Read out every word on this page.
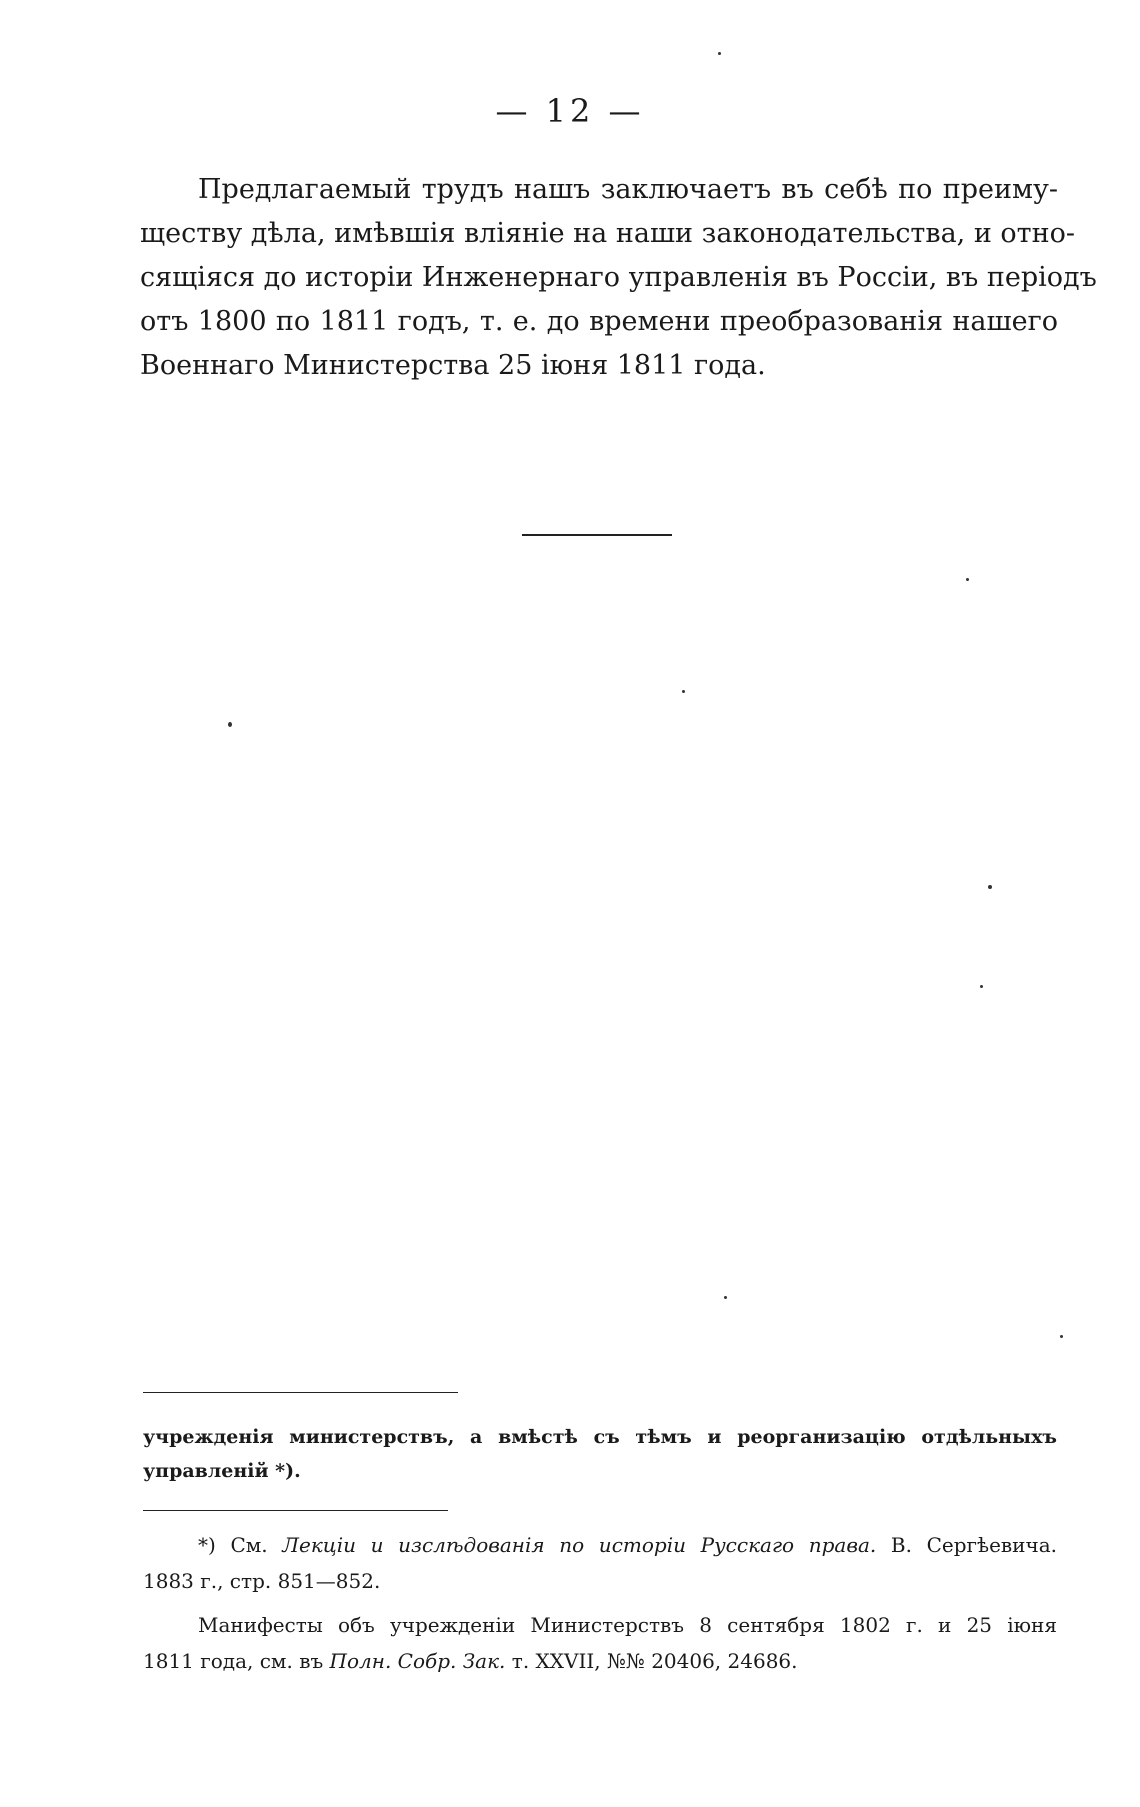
— 12 —
Предлагаемый трудъ нашъ заключаетъ въ себѣ по преиму-
ществу дѣла, имѣвшія вліяніе на наши законодательства, и отно-
сящіяся до исторіи Инженернаго управленія въ Россіи, въ періодъ
отъ 1800 по 1811 годъ, т. е. до времени преобразованія нашего
Военнаго Министерства 25 іюня 1811 года.
учрежденія министерствъ, а вмѣстѣ съ тѣмъ и реорганизацію отдѣльныхъ
управленій *).
*) См. Лекціи и изслѣдованія по исторіи Русскаго права. В. Сергѣевича.
1883 г., стр. 851—852.
Манифесты объ учрежденіи Министерствъ 8 сентября 1802 г. и 25 іюня
1811 года, см. въ Полн. Собр. Зак. т. XXVII, №№ 20406, 24686.
